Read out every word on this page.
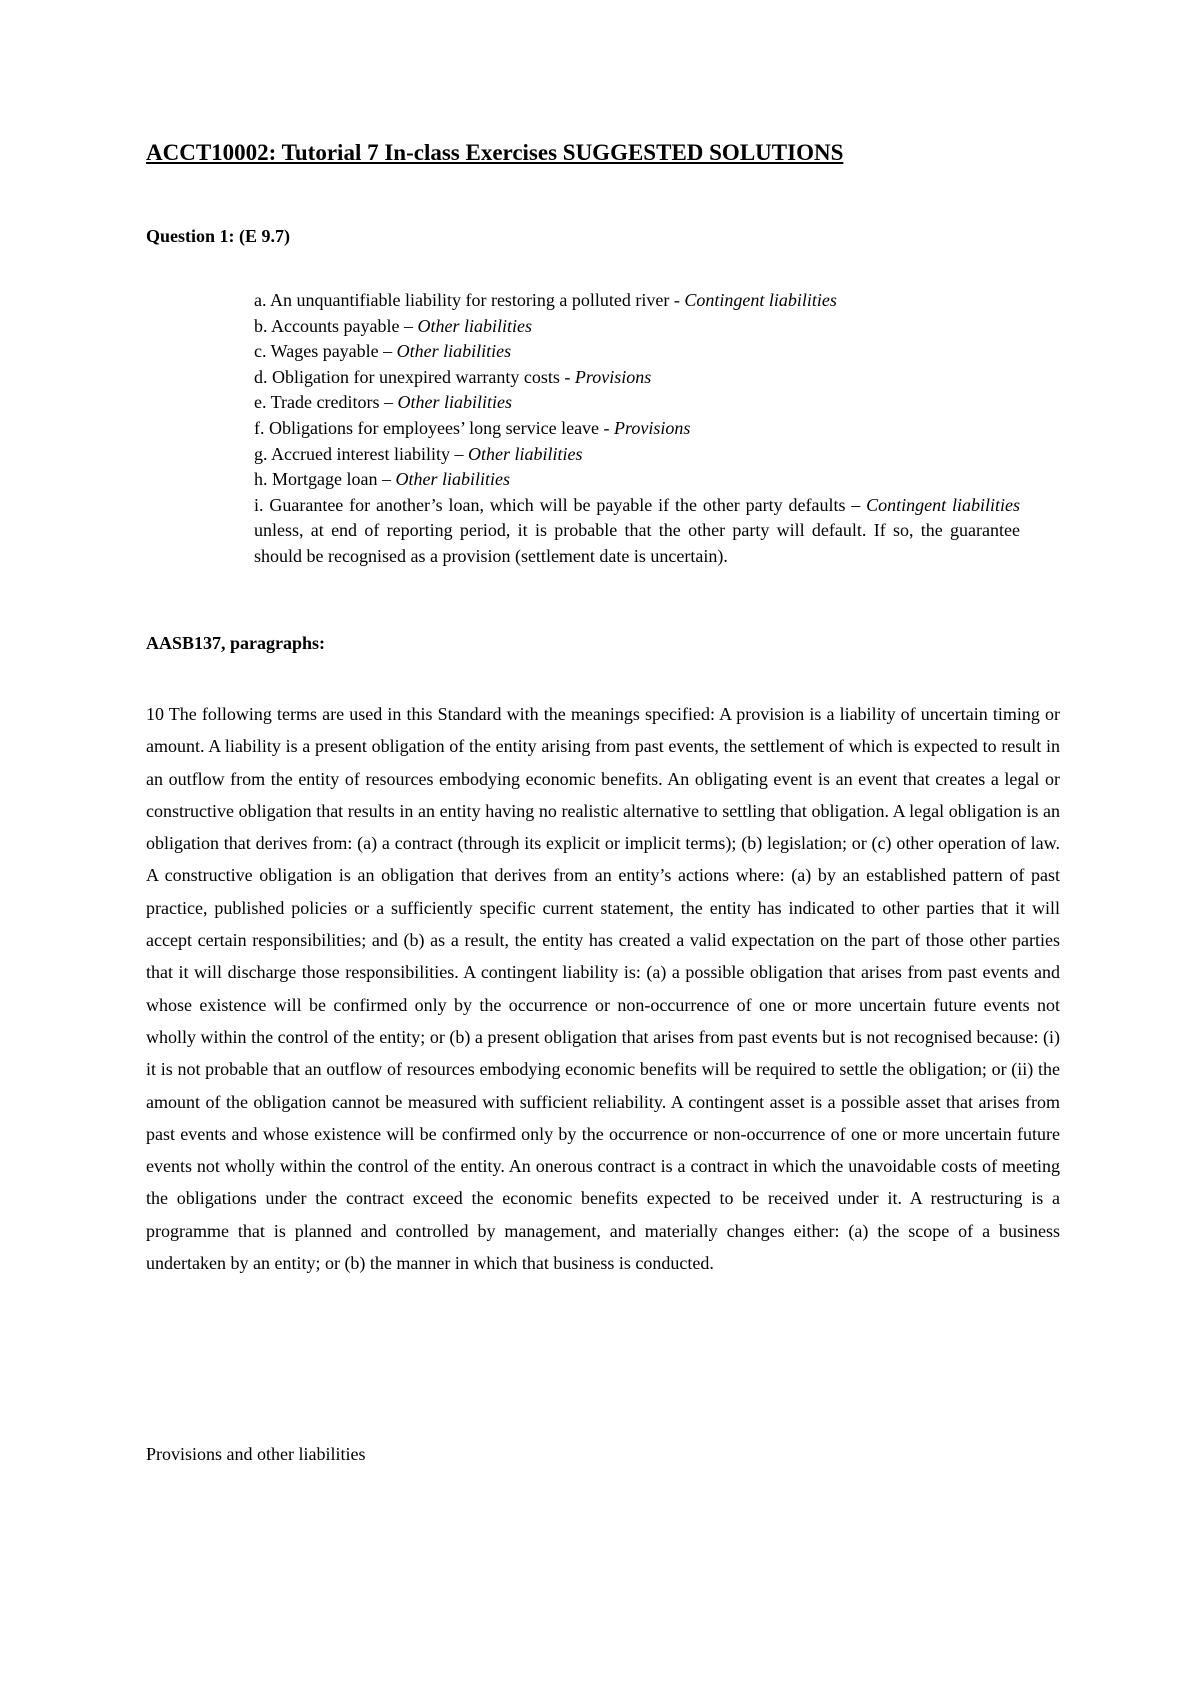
ACCT10002: Tutorial 7 In-class Exercises SUGGESTED SOLUTIONS
Question 1: (E 9.7)
a. An unquantifiable liability for restoring a polluted river - Contingent liabilities
b. Accounts payable – Other liabilities
c. Wages payable – Other liabilities
d. Obligation for unexpired warranty costs - Provisions
e. Trade creditors – Other liabilities
f. Obligations for employees’ long service leave - Provisions
g. Accrued interest liability – Other liabilities
h. Mortgage loan – Other liabilities
i. Guarantee for another’s loan, which will be payable if the other party defaults – Contingent liabilities unless, at end of reporting period, it is probable that the other party will default. If so, the guarantee should be recognised as a provision (settlement date is uncertain).
AASB137, paragraphs:

10 The following terms are used in this Standard with the meanings specified: A provision is a liability of uncertain timing or amount. A liability is a present obligation of the entity arising from past events, the settlement of which is expected to result in an outflow from the entity of resources embodying economic benefits. An obligating event is an event that creates a legal or constructive obligation that results in an entity having no realistic alternative to settling that obligation. A legal obligation is an obligation that derives from: (a) a contract (through its explicit or implicit terms); (b) legislation; or (c) other operation of law. A constructive obligation is an obligation that derives from an entity’s actions where: (a) by an established pattern of past practice, published policies or a sufficiently specific current statement, the entity has indicated to other parties that it will accept certain responsibilities; and (b) as a result, the entity has created a valid expectation on the part of those other parties that it will discharge those responsibilities. A contingent liability is: (a) a possible obligation that arises from past events and whose existence will be confirmed only by the occurrence or non-occurrence of one or more uncertain future events not wholly within the control of the entity; or (b) a present obligation that arises from past events but is not recognised because: (i) it is not probable that an outflow of resources embodying economic benefits will be required to settle the obligation; or (ii) the amount of the obligation cannot be measured with sufficient reliability. A contingent asset is a possible asset that arises from past events and whose existence will be confirmed only by the occurrence or non-occurrence of one or more uncertain future events not wholly within the control of the entity. An onerous contract is a contract in which the unavoidable costs of meeting the obligations under the contract exceed the economic benefits expected to be received under it. A restructuring is a programme that is planned and controlled by management, and materially changes either: (a) the scope of a business undertaken by an entity; or (b) the manner in which that business is conducted.

Provisions and other liabilities
